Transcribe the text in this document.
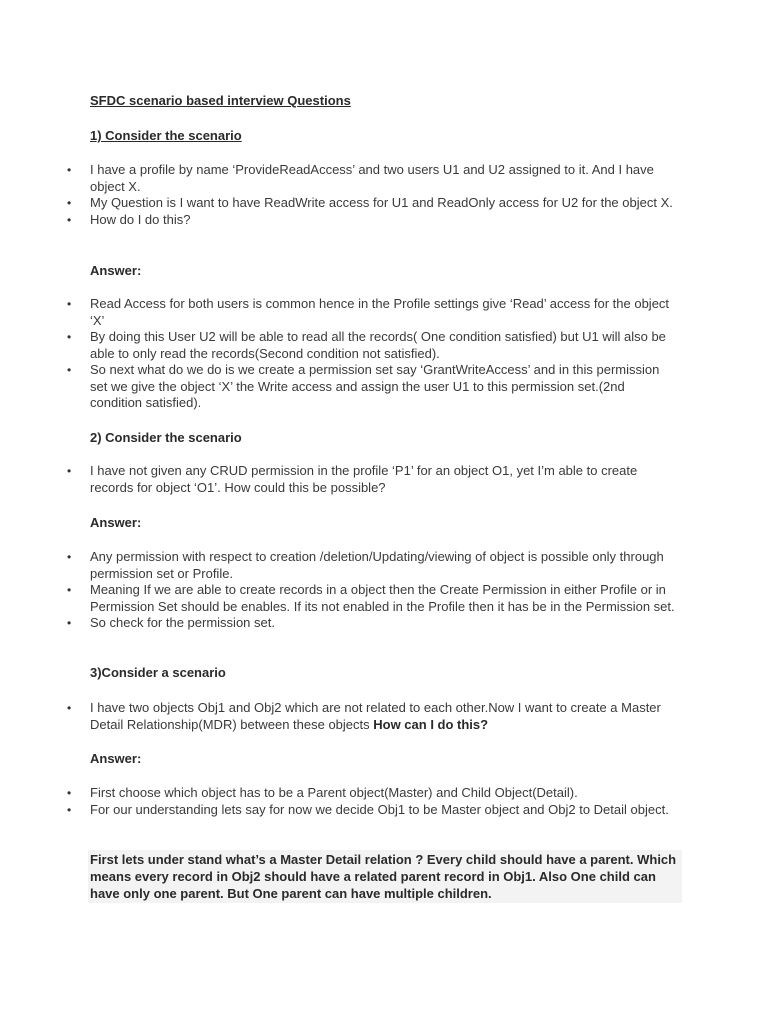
SFDC scenario based interview Questions

1) Consider the scenario

• I have a profile by name ‘ProvideReadAccess’ and two users U1 and U2 assigned to it. And I have object X.
• My Question is I want to have ReadWrite access for U1 and ReadOnly access for U2 for the object X.
• How do I do this?

Answer:

• Read Access for both users is common hence in the Profile settings give ‘Read’ access for the object ‘X’
• By doing this User U2 will be able to read all the records( One condition satisfied) but U1 will also be able to only read the records(Second condition not satisfied).
• So next what do we do is we create a permission set say ‘GrantWriteAccess’ and in this permission set we give the object ‘X’ the Write access and assign the user U1 to this permission set.(2nd condition satisfied).

2) Consider the scenario

• I have not given any CRUD permission in the profile ‘P1’ for an object O1, yet I’m able to create records for object ‘O1’. How could this be possible?

Answer:

• Any permission with respect to creation /deletion/Updating/viewing of object is possible only through permission set or Profile.
• Meaning If we are able to create records in a object then the Create Permission in either Profile or in Permission Set should be enables. If its not enabled in the Profile then it has be in the Permission set.
• So check for the permission set.

3)Consider a scenario

• I have two objects Obj1 and Obj2 which are not related to each other.Now I want to create a Master Detail Relationship(MDR) between these objects How can I do this?

Answer:

• First choose which object has to be a Parent object(Master) and Child Object(Detail).
• For our understanding lets say for now we decide Obj1 to be Master object and Obj2 to Detail object.
First lets under stand what’s a Master Detail relation ? Every child should have a parent. Which means every record in Obj2 should have a related parent record in Obj1. Also One child can have only one parent. But One parent can have multiple children.
